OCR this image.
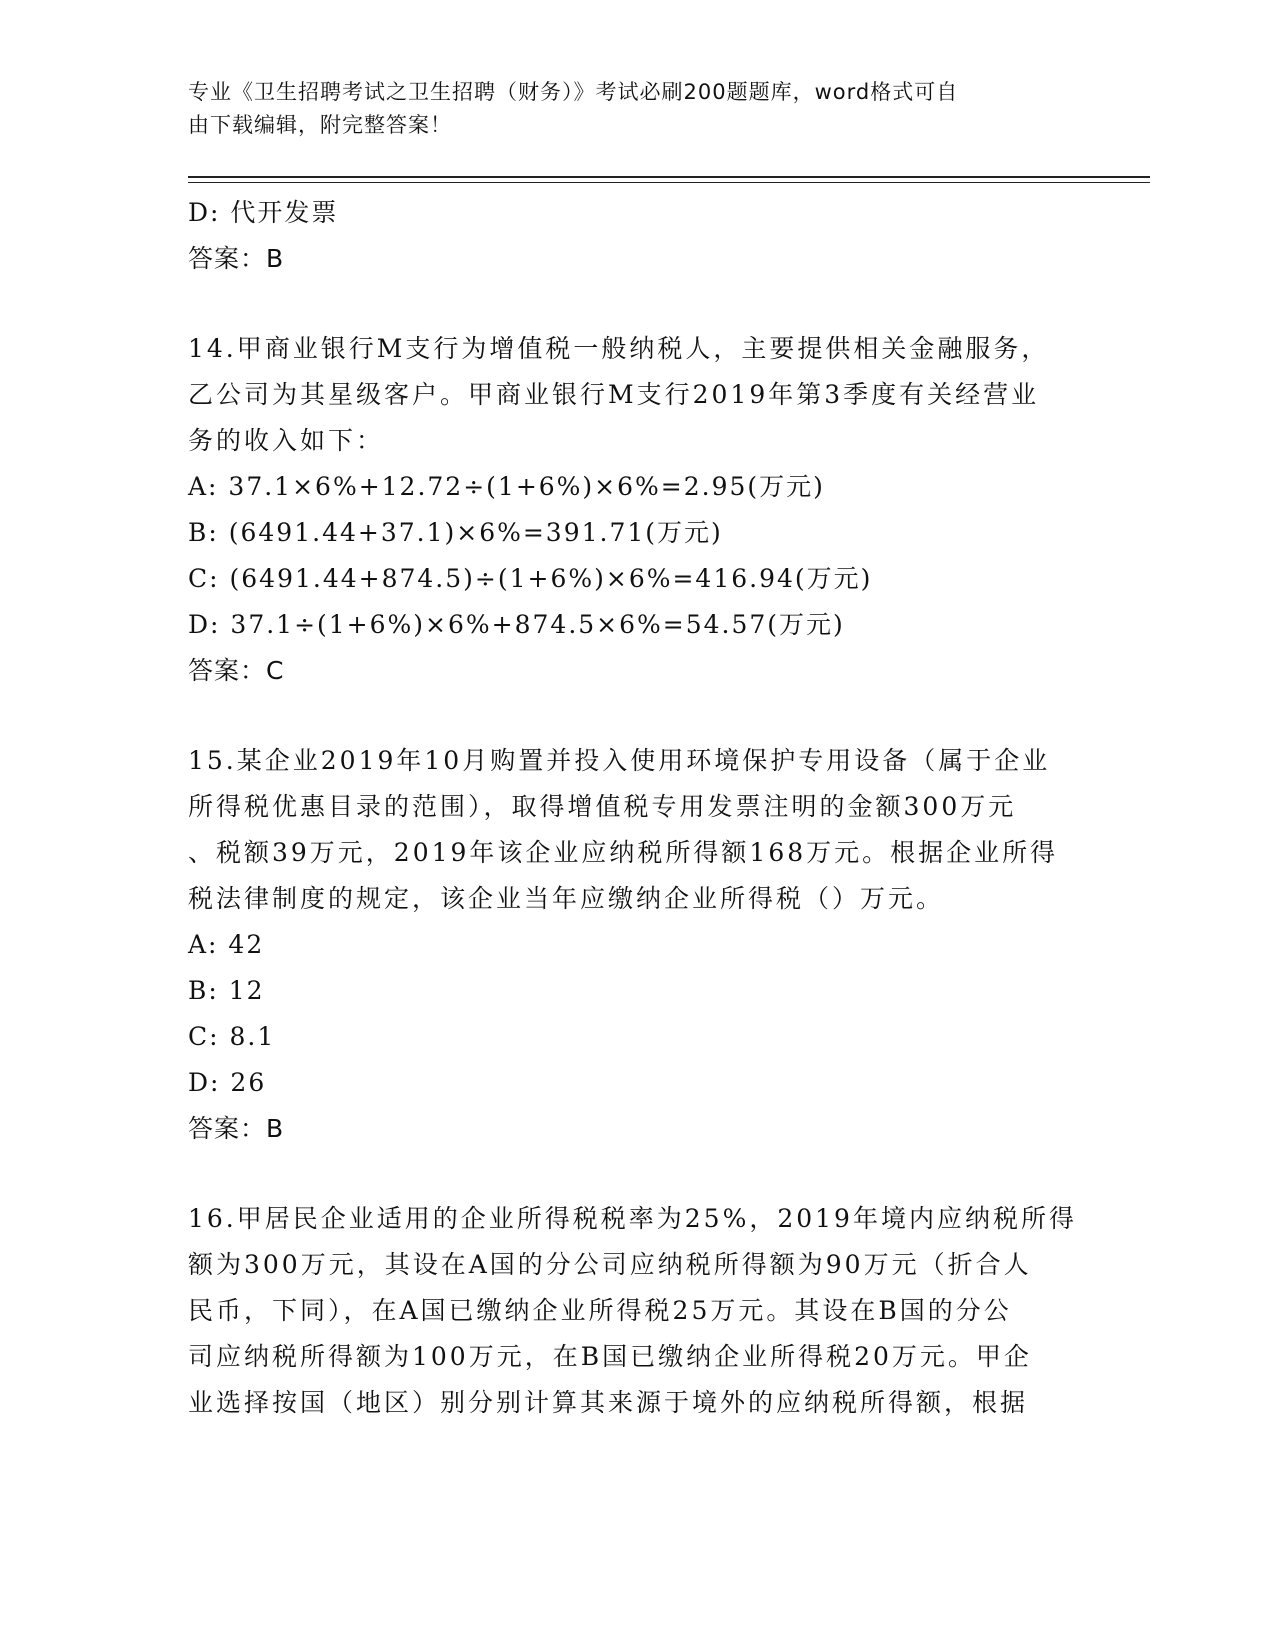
专业《卫生招聘考试之卫生招聘（财务）》考试必刷200题题库，word格式可自
由下载编辑，附完整答案！
D: 代开发票
答案：B
14.甲商业银行M支行为增值税一般纳税人，主要提供相关金融服务，
乙公司为其星级客户。甲商业银行M支行2019年第3季度有关经营业
务的收入如下：
A: 37.1×6%+12.72÷(1+6%)×6%=2.95(万元)
B: (6491.44+37.1)×6%=391.71(万元)
C: (6491.44+874.5)÷(1+6%)×6%=416.94(万元)
D: 37.1÷(1+6%)×6%+874.5×6%=54.57(万元)
答案：C
15.某企业2019年10月购置并投入使用环境保护专用设备（属于企业
所得税优惠目录的范围），取得增值税专用发票注明的金额300万元
、税额39万元，2019年该企业应纳税所得额168万元。根据企业所得
税法律制度的规定，该企业当年应缴纳企业所得税（）万元。
A: 42
B: 12
C: 8.1
D: 26
答案：B
16.甲居民企业适用的企业所得税税率为25%，2019年境内应纳税所得
额为300万元，其设在A国的分公司应纳税所得额为90万元（折合人
民币，下同），在A国已缴纳企业所得税25万元。其设在B国的分公
司应纳税所得额为100万元，在B国已缴纳企业所得税20万元。甲企
业选择按国（地区）别分别计算其来源于境外的应纳税所得额，根据
